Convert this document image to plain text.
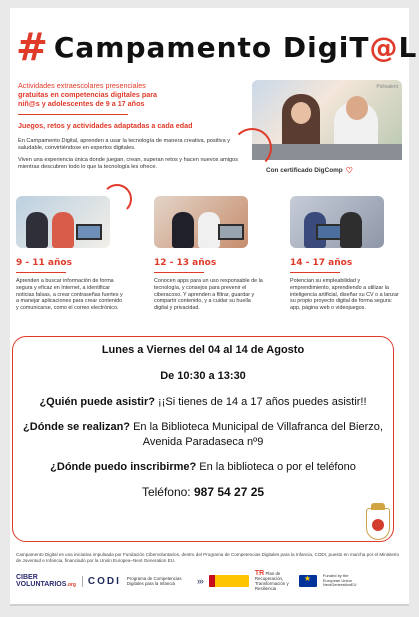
# Campamento DigiT@L
Actividades extraescolares presenciales
gratuitas en competencias digitales para
niñ@s y adolescentes de 9 a 17 años
Juegos, retos y actividades adaptadas a cada edad
En Campamento Digital, aprenden a usar la tecnología de manera creativa, positiva y saludable, convirtiéndose en expertos digitales.
Viven una experiencia única donde juegan, crean, superan retos y hacen nuevos amigos mientras descubren todo lo que la tecnología les ofrece.
Polivalent
Con certificado DigComp ♡
9 - 11 años

Aprenden a buscar información de forma segura y eficaz en Internet, a identificar noticias falsas, a crear contraseñas fuertes y a manejar aplicaciones para crear contenido y comunicarse, como el correo electrónico.

12 - 13 años

Conocen apps para un uso responsable de la tecnología, y consejos para prevenir el ciberacoso. Y aprenden a filtrar, guardar y compartir contenido, y a cuidar su huella digital y privacidad.

14 - 17 años

Potencian su empleabilidad y emprendimiento, aprendiendo a utilizar la inteligencia artificial, diseñar su CV o a lanzar su propio proyecto digital de forma segura: app, página web o videojuegos.

Lunes a Viernes del 04 al 14 de Agosto
De 10:30 a 13:30
¿Quién puede asistir? ¡¡Si tienes de 14 a 17 años puedes asistir!!
¿Dónde se realizan? En la Biblioteca Municipal de Villafranca del Bierzo, Avenida Paradaseca nº9
¿Dónde puedo inscribirme? En la biblioteca o por el teléfono
Teléfono: 987 54 27 25
Campamento Digital es una iniciativa impulsada por Fundación Cibervoluntarios, dentro del Programa de Competencias Digitales para la Infancia, CODI, puesto en marcha por el Ministerio de Juventud e Infancia, financiado por la Unión Europea–Next Generation EU.
CIBER
VOLUNTARIOS.org	CODI Programa de Competencias Digitales para la Infancia	›››
TR Plan de Recuperación, Transformación y Resiliencia
★
Funded by the European Union NextGenerationEU
